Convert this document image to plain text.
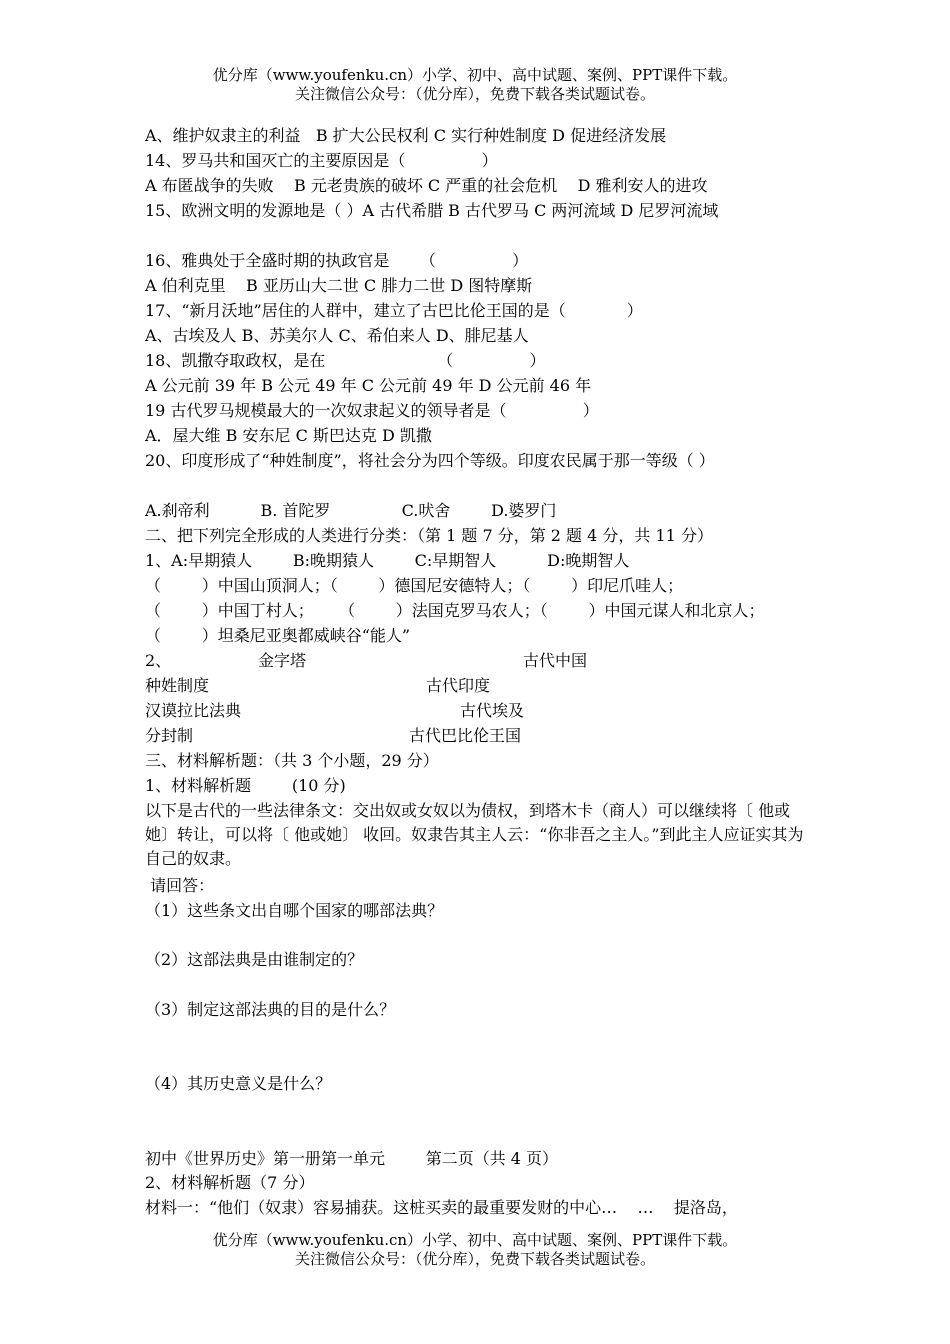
优分库（www.youfenku.cn）小学、初中、高中试题、案例、PPT课件下载。
关注微信公众号：（优分库），免费下载各类试题试卷。
A、维护奴隶主的利益   B 扩大公民权利 C 实行种姓制度 D 促进经济发展
14、罗马共和国灭亡的主要原因是（               ）
A 布匿战争的失败    B 元老贵族的破坏 C 严重的社会危机    D 雅利安人的进攻
15、欧洲文明的发源地是（ ）A 古代希腊 B 古代罗马 C 两河流域 D 尼罗河流域
16、雅典处于全盛时期的执政官是      （               ）
A 伯利克里    B 亚历山大二世 C 腓力二世 D 图特摩斯
17、“新月沃地”居住的人群中，建立了古巴比伦王国的是（            ）
A、古埃及人 B、苏美尔人 C、希伯来人 D、腓尼基人
18、凯撒夺取政权，是在                      （               ）
A 公元前 39 年 B 公元 49 年 C 公元前 49 年 D 公元前 46 年
19 古代罗马规模最大的一次奴隶起义的领导者是（               ）
A．屋大维 B 安东尼 C 斯巴达克 D 凯撒
20、印度形成了“种姓制度”，将社会分为四个等级。印度农民属于那一等级（ ）
A.刹帝利          B. 首陀罗              C.吠舍        D.婆罗门
二、把下列完全形成的人类进行分类：（第 1 题 7 分，第 2 题 4 分，共 11 分）
1、A:早期猿人        B:晚期猿人        C:早期智人          D:晚期智人
（        ）中国山顶洞人；（        ）德国尼安德特人；（        ）印尼爪哇人；
（        ）中国丁村人；     （        ）法国克罗马农人；（        ）中国元谋人和北京人；
（        ）坦桑尼亚奥都威峡谷“能人”
2、	金字塔	古代中国
种姓制度	古代印度
汉谟拉比法典	古代埃及
分封制	古代巴比伦王国
三、材料解析题：（共 3 个小题，29 分）
1、材料解析题        (10 分)
以下是古代的一些法律条文：交出奴或女奴以为债权，到塔木卡（商人）可以继续将〔 他或她〕转让，可以将〔 他或她〕 收回。奴隶告其主人云：“你非吾之主人。”到此主人应证实其为自己的奴隶。
请回答：
（1）这些条文出自哪个国家的哪部法典？
（2）这部法典是由谁制定的？
（3）制定这部法典的目的是什么？
（4）其历史意义是什么？
初中《世界历史》第一册第一单元        第二页（共 4 页）
2、材料解析题（7 分）
材料一：“他们（奴隶）容易捕获。这桩买卖的最重要发财的中心…    …    提洛岛，
优分库（www.youfenku.cn）小学、初中、高中试题、案例、PPT课件下载。
关注微信公众号：（优分库），免费下载各类试题试卷。
